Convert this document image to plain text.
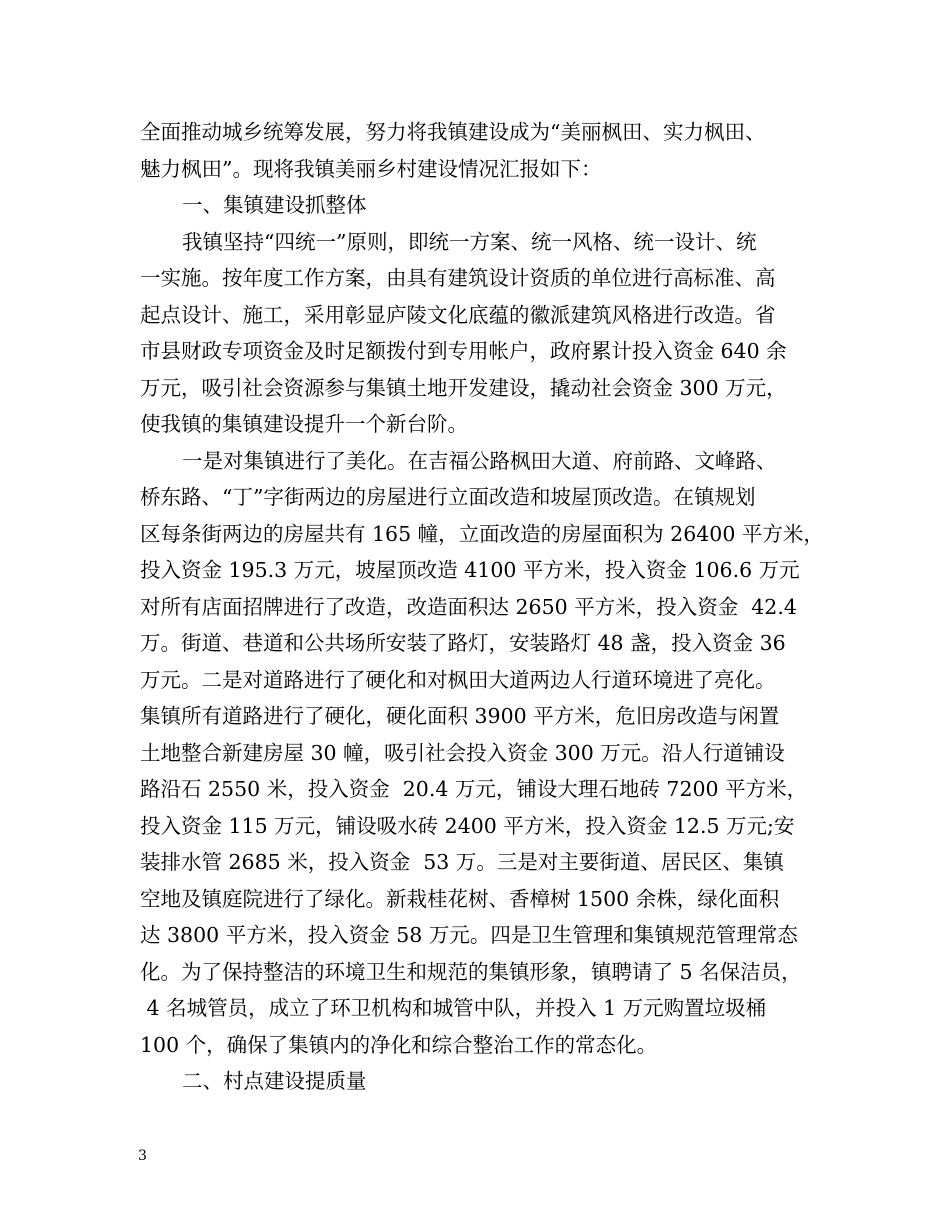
全面推动城乡统筹发展，努力将我镇建设成为“美丽枫田、实力枫田、
魅力枫田”。现将我镇美丽乡村建设情况汇报如下：
一、集镇建设抓整体
我镇坚持“四统一”原则，即统一方案、统一风格、统一设计、统
一实施。按年度工作方案，由具有建筑设计资质的单位进行高标准、高
起点设计、施工，采用彰显庐陵文化底蕴的徽派建筑风格进行改造。省
市县财政专项资金及时足额拨付到专用帐户，政府累计投入资金 640 余
万元，吸引社会资源参与集镇土地开发建设，撬动社会资金 300 万元，
使我镇的集镇建设提升一个新台阶。
一是对集镇进行了美化。在吉福公路枫田大道、府前路、文峰路、
桥东路、“丁”字街两边的房屋进行立面改造和坡屋顶改造。在镇规划
区每条街两边的房屋共有 165 幢，立面改造的房屋面积为 26400 平方米，
投入资金 195.3 万元，坡屋顶改造 4100 平方米，投入资金 106.6 万元
对所有店面招牌进行了改造，改造面积达 2650 平方米，投入资金  42.4
万。街道、巷道和公共场所安装了路灯，安装路灯 48 盏，投入资金 36
万元。二是对道路进行了硬化和对枫田大道两边人行道环境进了亮化。
集镇所有道路进行了硬化，硬化面积 3900 平方米，危旧房改造与闲置
土地整合新建房屋 30 幢，吸引社会投入资金 300 万元。沿人行道铺设
路沿石 2550 米，投入资金  20.4 万元，铺设大理石地砖 7200 平方米，
投入资金 115 万元，铺设吸水砖 2400 平方米，投入资金 12.5 万元;安
装排水管 2685 米，投入资金  53 万。三是对主要街道、居民区、集镇
空地及镇庭院进行了绿化。新栽桂花树、香樟树 1500 余株，绿化面积
达 3800 平方米，投入资金 58 万元。四是卫生管理和集镇规范管理常态
化。为了保持整洁的环境卫生和规范的集镇形象，镇聘请了 5 名保洁员，
4 名城管员，成立了环卫机构和城管中队，并投入 1 万元购置垃圾桶
100 个，确保了集镇内的净化和综合整治工作的常态化。
二、村点建设提质量
3
